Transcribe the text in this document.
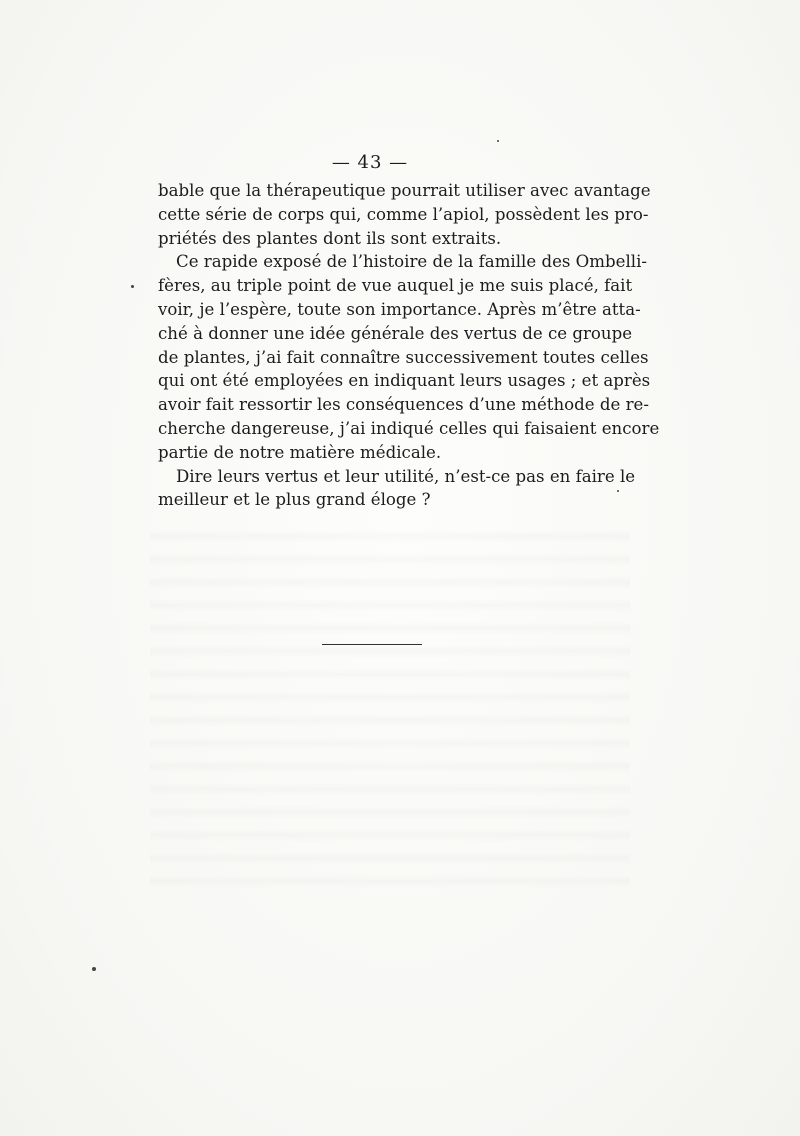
— 43 —
bable que la thérapeutique pourrait utiliser avec avantage
cette série de corps qui, comme l’apiol, possèdent les pro-
priétés des plantes dont ils sont extraits.
Ce rapide exposé de l’histoire de la famille des Ombelli-
fères, au triple point de vue auquel je me suis placé, fait
voir, je l’espère, toute son importance. Après m’être atta-
ché à donner une idée générale des vertus de ce groupe
de plantes, j’ai fait connaître successivement toutes celles
qui ont été employées en indiquant leurs usages ; et après
avoir fait ressortir les conséquences d’une méthode de re-
cherche dangereuse, j’ai indiqué celles qui faisaient encore
partie de notre matière médicale.
Dire leurs vertus et leur utilité, n’est-ce pas en faire le
meilleur et le plus grand éloge ?
